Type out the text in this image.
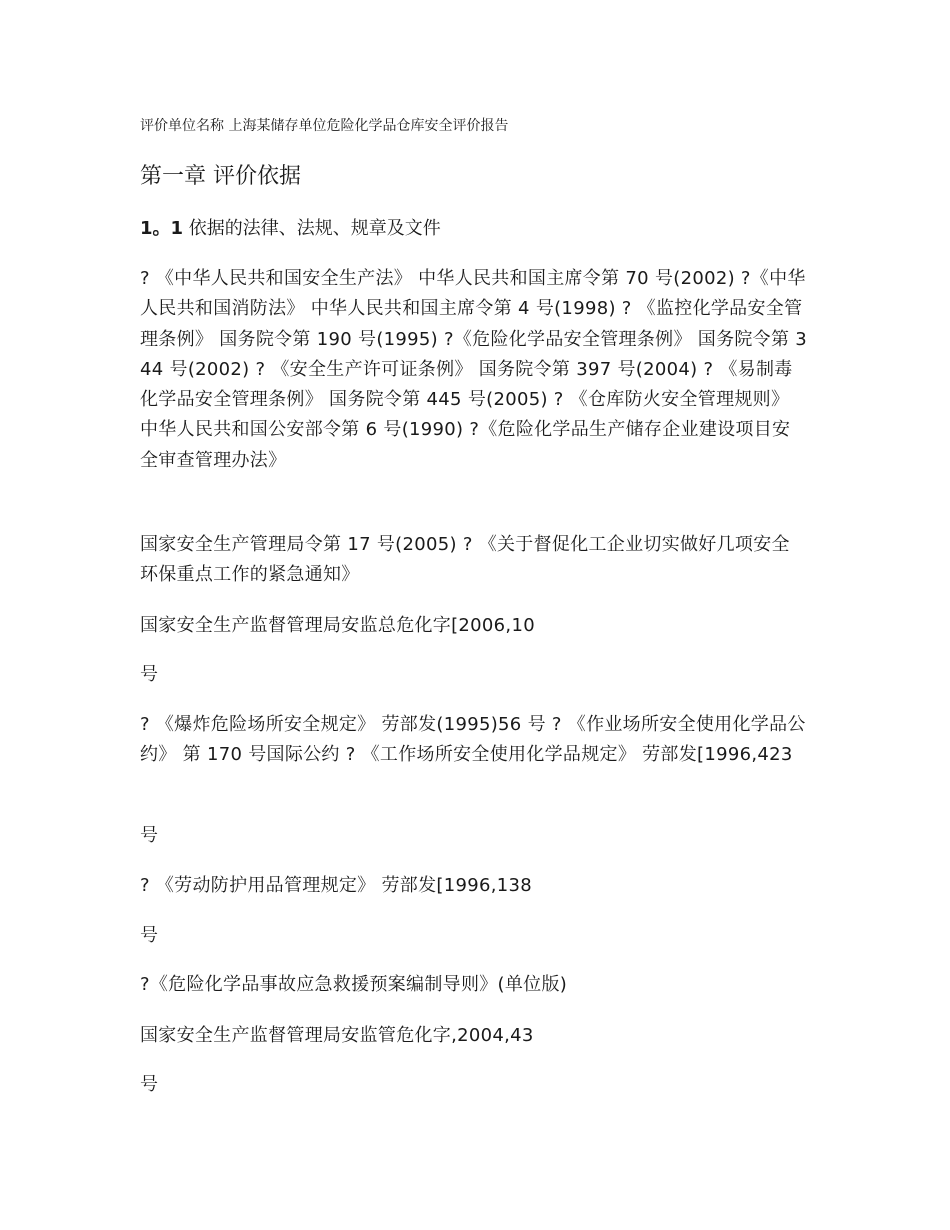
评价单位名称 上海某储存单位危险化学品仓库安全评价报告
第一章 评价依据
1。1 依据的法律、法规、规章及文件
? 《中华人民共和国安全生产法》 中华人民共和国主席令第 70 号(2002) ?《中华人民共和国消防法》 中华人民共和国主席令第 4 号(1998) ? 《监控化学品安全管理条例》 国务院令第 190 号(1995) ?《危险化学品安全管理条例》 国务院令第 344 号(2002) ? 《安全生产许可证条例》 国务院令第 397 号(2004) ? 《易制毒化学品安全管理条例》 国务院令第 445 号(2005) ? 《仓库防火安全管理规则》 中华人民共和国公安部令第 6 号(1990) ?《危险化学品生产储存企业建设项目安全审查管理办法》
国家安全生产管理局令第 17 号(2005) ? 《关于督促化工企业切实做好几项安全环保重点工作的紧急通知》
国家安全生产监督管理局安监总危化字[2006,10
号
? 《爆炸危险场所安全规定》 劳部发(1995)56 号 ? 《作业场所安全使用化学品公约》 第 170 号国际公约 ? 《工作场所安全使用化学品规定》 劳部发[1996,423
号
? 《劳动防护用品管理规定》 劳部发[1996,138
号
?《危险化学品事故应急救援预案编制导则》(单位版)
国家安全生产监督管理局安监管危化字,2004,43
号
